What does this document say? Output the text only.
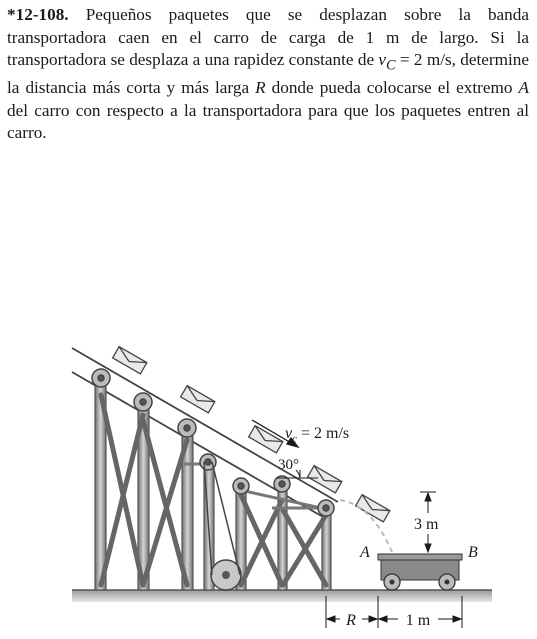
*12-108. Pequeños paquetes que se desplazan sobre la banda transportadora caen en el carro de carga de 1 m de largo. Si la transportadora se desplaza a una rapidez constante de $v_C = 2$ m/s, determine la distancia más corta y más larga R donde pueda colocarse el extremo A del carro con respecto a la transportadora para que los paquetes entren al carro.

$v_c = 2$ m/s
30°
A	B
3 m
R	1 m
